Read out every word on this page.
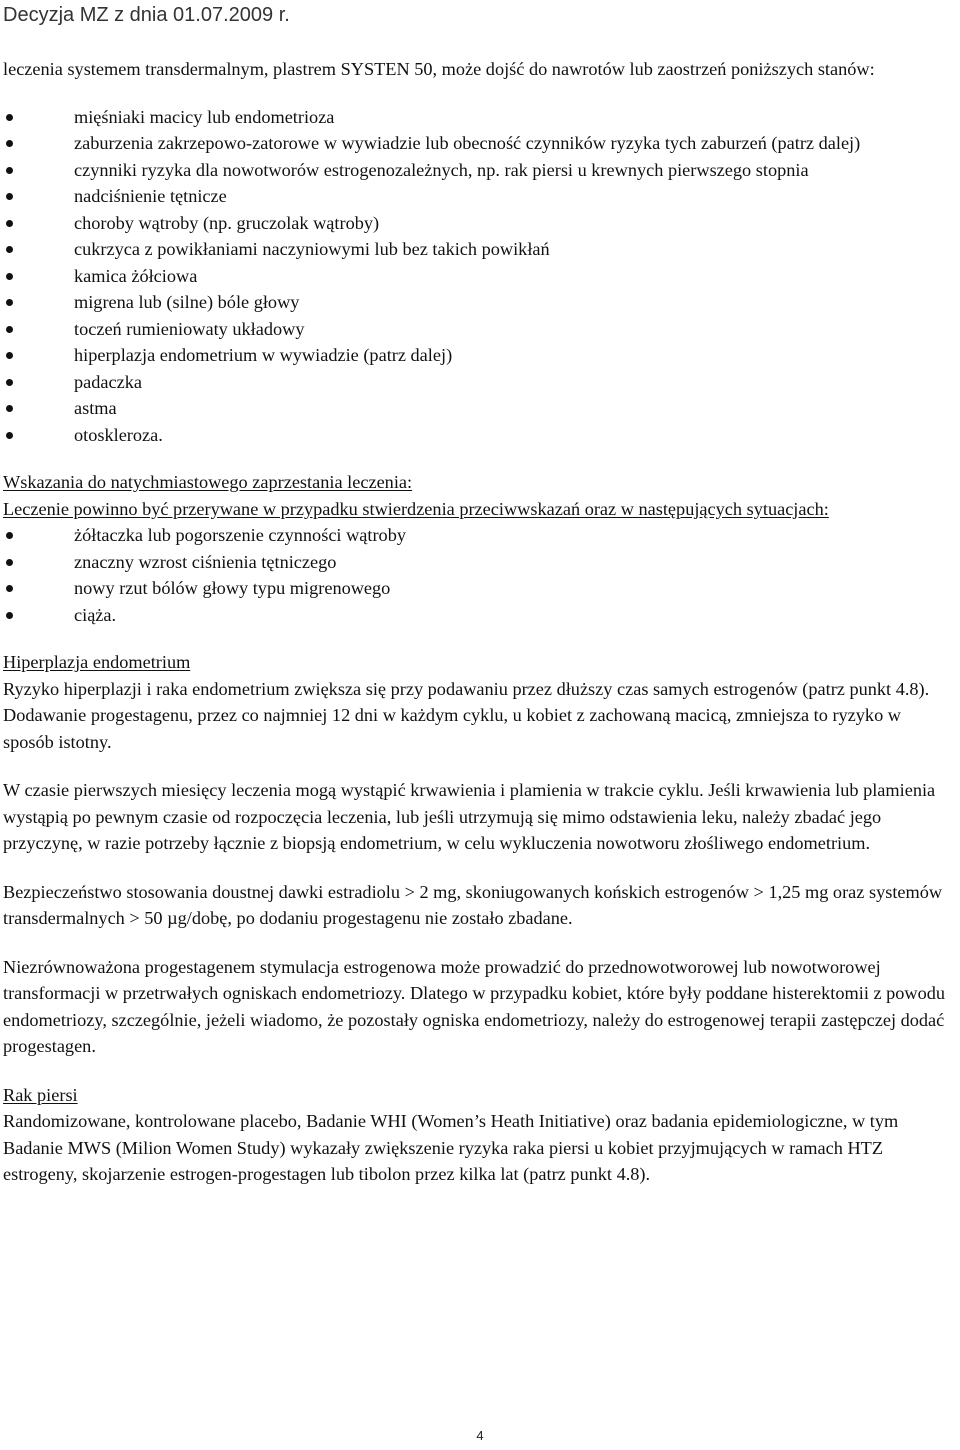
Decyzja MZ z dnia 01.07.2009 r.

leczenia systemem transdermalnym, plastrem SYSTEN 50, może dojść do nawrotów lub zaostrzeń poniższych stanów:

mięśniaki macicy lub endometrioza
zaburzenia zakrzepowo-zatorowe w wywiadzie lub obecność czynników ryzyka tych zaburzeń (patrz dalej)
czynniki ryzyka dla nowotworów estrogenozależnych, np. rak piersi u krewnych pierwszego stopnia
nadciśnienie tętnicze
choroby wątroby (np. gruczolak wątroby)
cukrzyca z powikłaniami naczyniowymi lub bez takich powikłań
kamica żółciowa
migrena lub (silne) bóle głowy
toczeń rumieniowaty układowy
hiperplazja endometrium w wywiadzie (patrz dalej)
padaczka
astma
otoskleroza.

Wskazania do natychmiastowego zaprzestania leczenia:

Leczenie powinno być przerywane w przypadku stwierdzenia przeciwwskazań oraz w następujących sytuacjach:

żółtaczka lub pogorszenie czynności wątroby
znaczny wzrost ciśnienia tętniczego
nowy rzut bólów głowy typu migrenowego
ciąża.

Hiperplazja endometrium

Ryzyko hiperplazji i raka endometrium zwiększa się przy podawaniu przez dłuższy czas samych estrogenów (patrz punkt 4.8). Dodawanie progestagenu, przez co najmniej 12 dni w każdym cyklu, u kobiet z zachowaną macicą, zmniejsza to ryzyko w sposób istotny.

W czasie pierwszych miesięcy leczenia mogą wystąpić krwawienia i plamienia w trakcie cyklu. Jeśli krwawienia lub plamienia wystąpią po pewnym czasie od rozpoczęcia leczenia, lub jeśli utrzymują się mimo odstawienia leku, należy zbadać jego przyczynę, w razie potrzeby łącznie z biopsją endometrium, w celu wykluczenia nowotworu złośliwego endometrium.

Bezpieczeństwo stosowania doustnej dawki estradiolu > 2 mg, skoniugowanych końskich estrogenów > 1,25 mg oraz systemów transdermalnych > 50 µg/dobę, po dodaniu progestagenu nie zostało zbadane.

Niezrównoważona progestagenem stymulacja estrogenowa może prowadzić do przednowotworowej lub nowotworowej transformacji w przetrwałych ogniskach endometriozy. Dlatego w przypadku kobiet, które były poddane histerektomii z powodu endometriozy, szczególnie, jeżeli wiadomo, że pozostały ogniska endometriozy, należy do estrogenowej terapii zastępczej dodać progestagen.

Rak piersi

Randomizowane, kontrolowane placebo, Badanie WHI (Women’s Heath Initiative) oraz badania epidemiologiczne, w tym Badanie MWS (Milion Women Study) wykazały zwiększenie ryzyka raka piersi u kobiet przyjmujących w ramach HTZ estrogeny, skojarzenie estrogen-progestagen lub tibolon przez kilka lat (patrz punkt 4.8).

4
